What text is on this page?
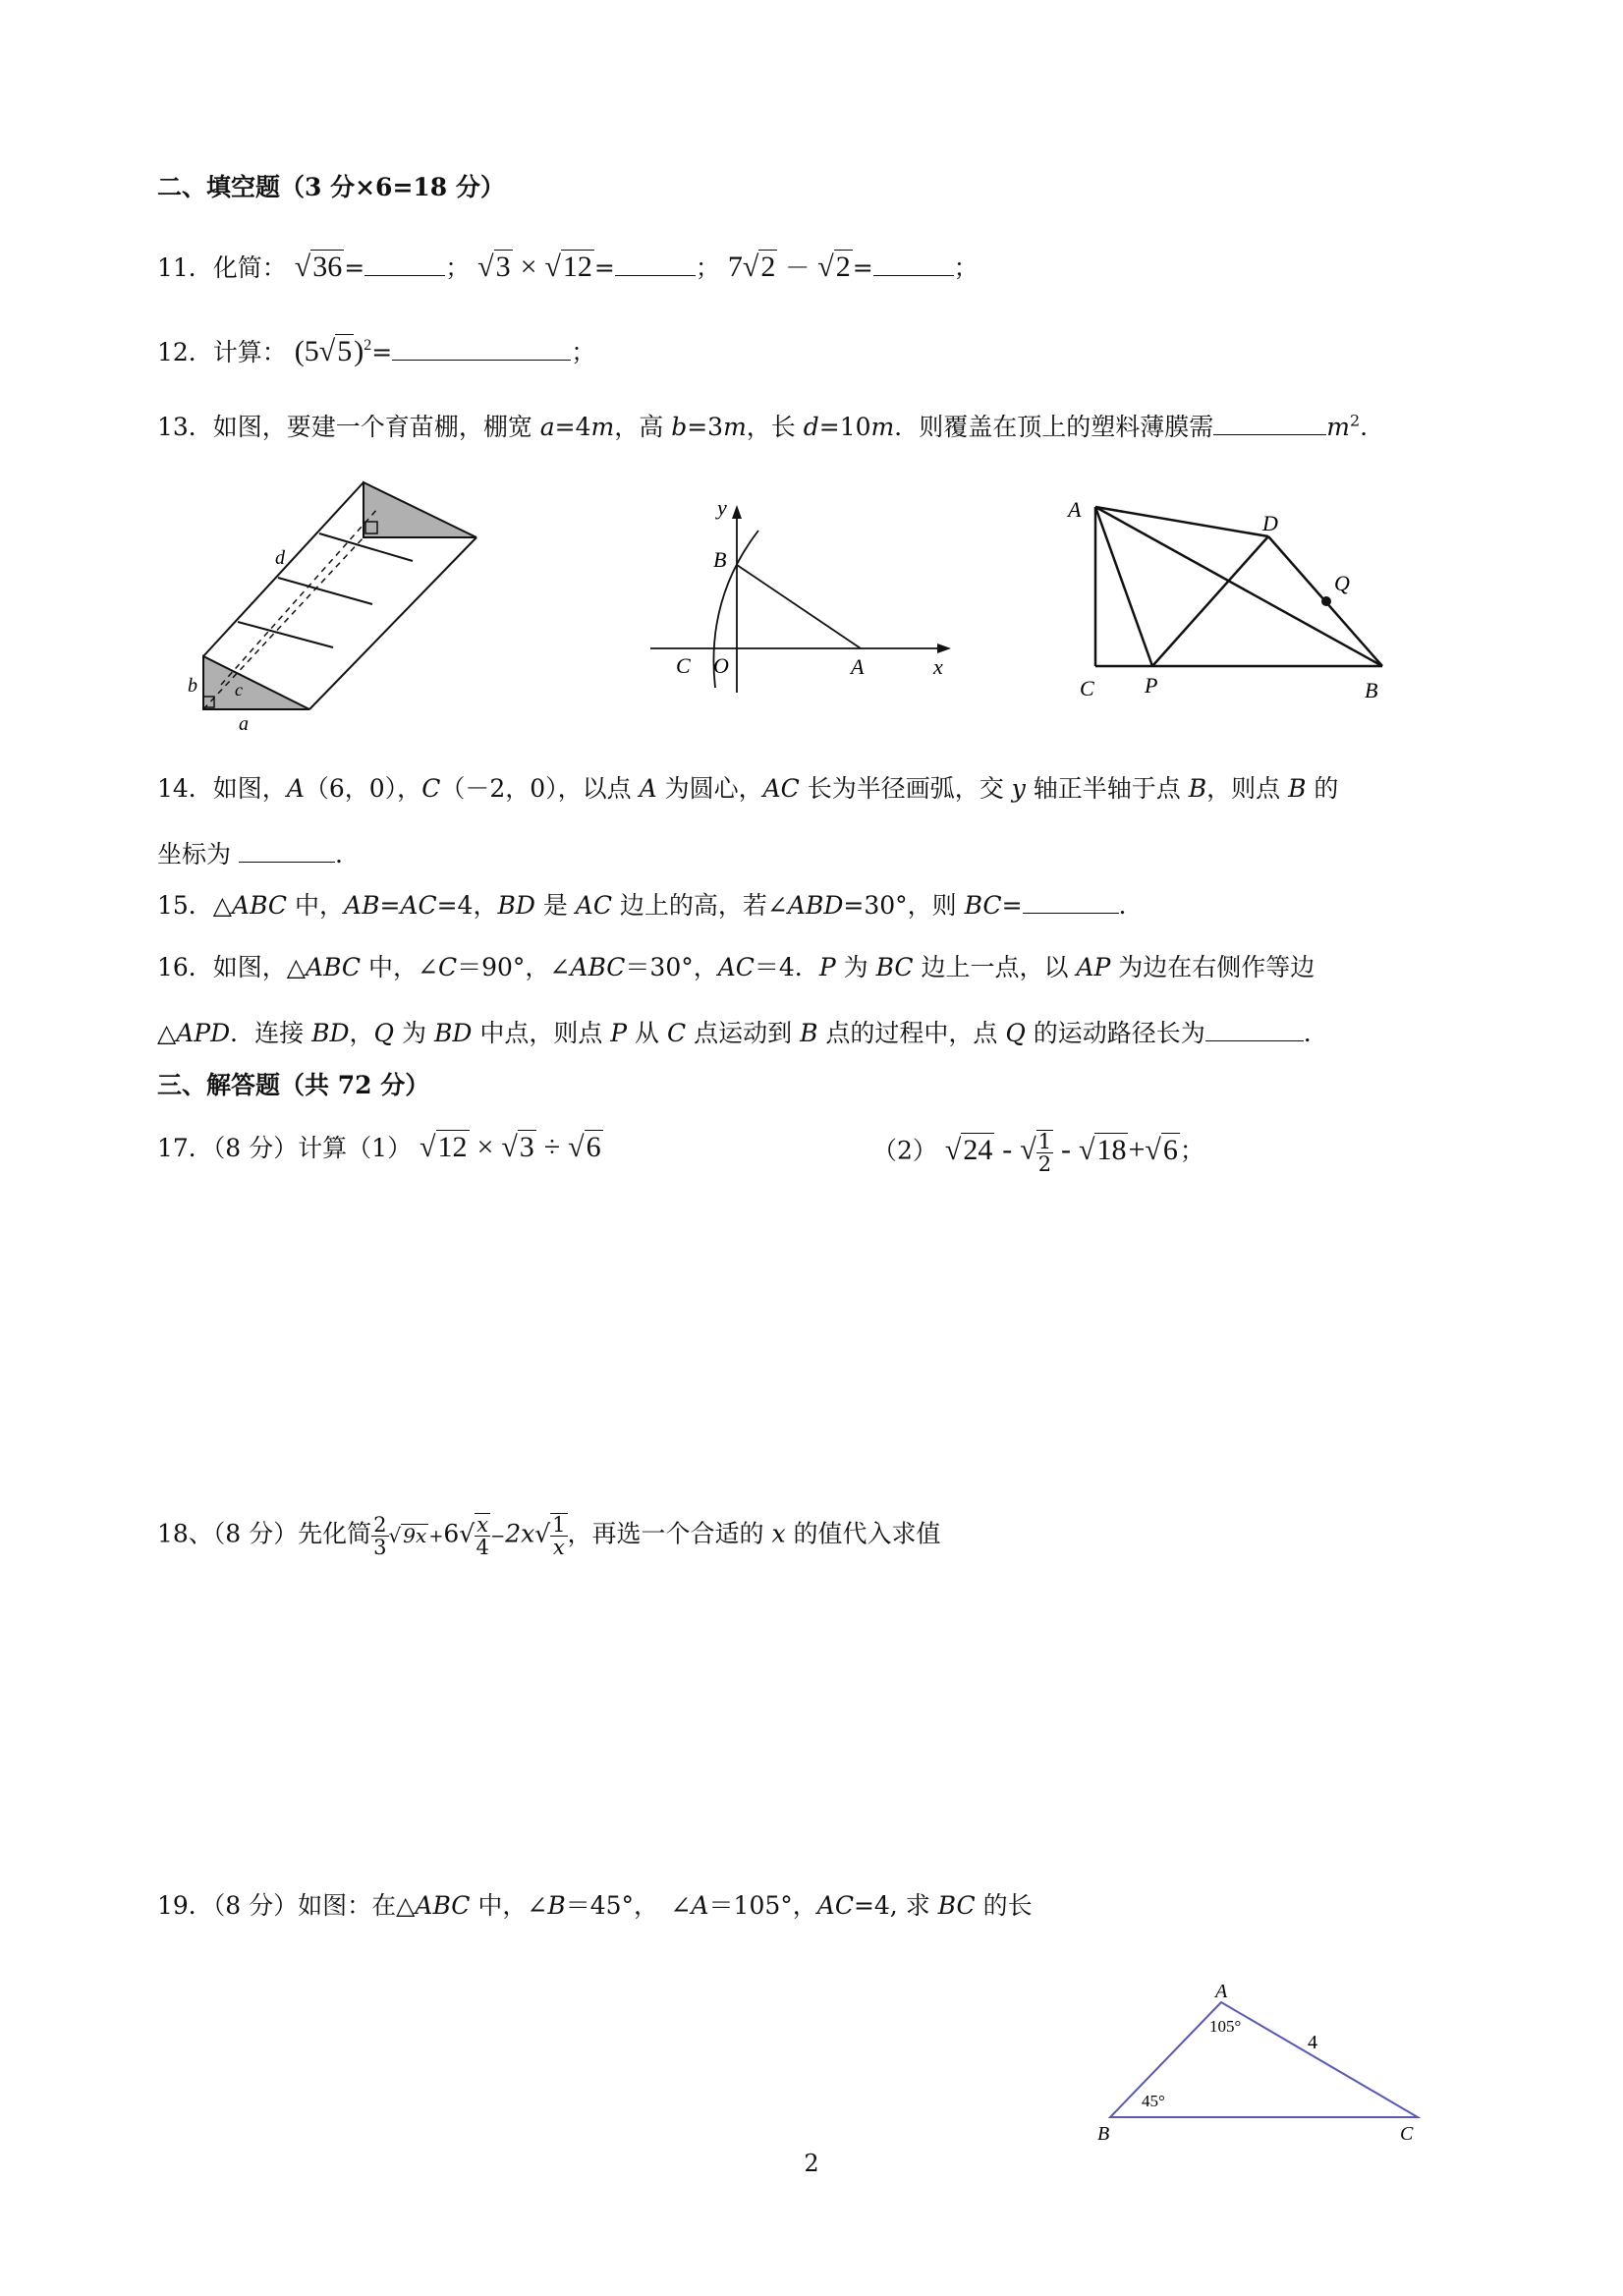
二、填空题（3 分×6=18 分）
11．化简： √36=	； √3 × √12=	； 7√2 － √2=	；
12．计算： $(5√5)^2=$	；
13．如图，要建一个育苗棚，棚宽 a=4m，高 b=3m，长 d=10m．则覆盖在顶上的塑料薄膜需	$m^2$.
d
b c
a
y
B
C O	A	x
A
D
Q
C P	B
14．如图，A（6，0），C（－2，0），以点 A 为圆心，AC 长为半径画弧，交 y 轴正半轴于点 B，则点 B 的
坐标为	.
15．△ABC 中，AB=AC=4，BD 是 AC 边上的高，若∠ABD=30°，则 BC=	.
16．如图，△ABC 中，∠C＝90°，∠ABC＝30°，AC＝4．P 为 BC 边上一点，以 AP 为边在右侧作等边
△APD．连接 BD，Q 为 BD 中点，则点 P 从 C 点运动到 B 点的过程中，点 Q 的运动路径长为	.
三、解答题（共 72 分）
17．（8 分）计算（1） √12 × √3 ÷ √6	（2） √24 - √ $\frac{1}{2} - √18+√6$；
18、（8 分）先化简 $\frac{2}{3}$ √ $9x +6√ \frac{x}{4} -2x√ \frac{1}{x}$ ，再选一个合适的 x 的值代入求值
19．（8 分）如图：在△ABC 中，∠B＝45°，　∠A＝105°，AC=4, 求 BC 的长
A
B	C
105°
45°
4
2
